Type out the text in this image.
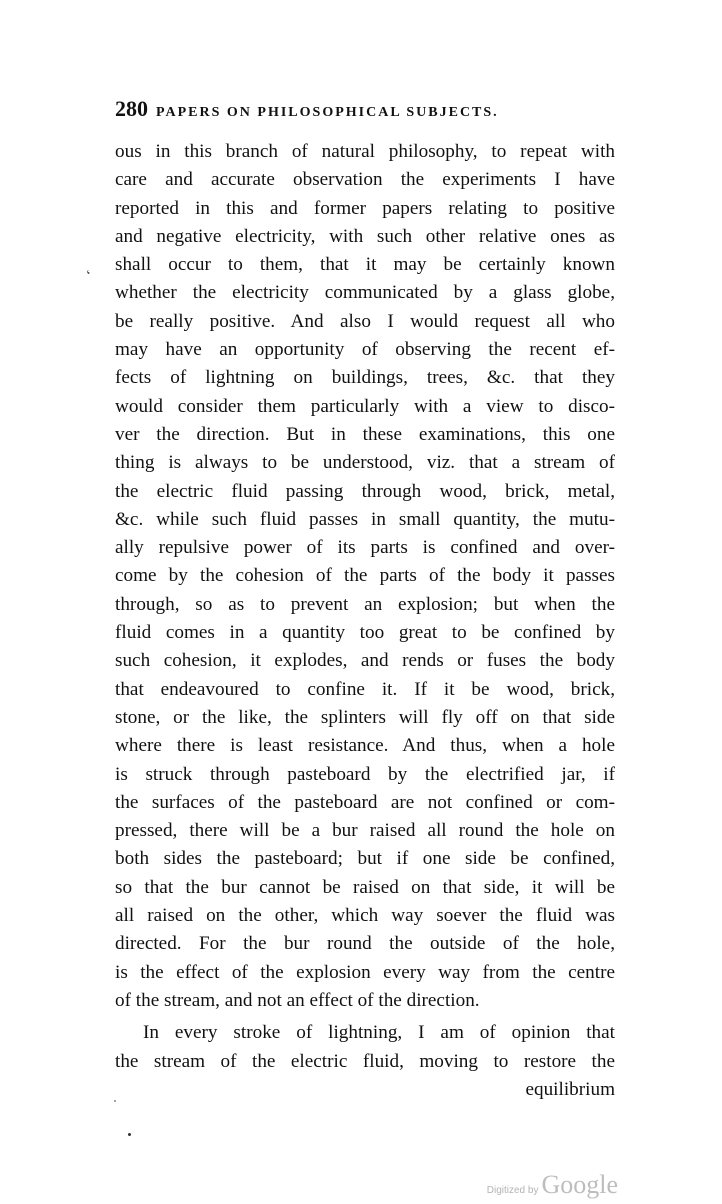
280 PAPERS ON PHILOSOPHICAL SUBJECTS.
‘
ous in this branch of natural philosophy, to repeat with
care and accurate observation the experiments I have
reported in this and former papers relating to positive
and negative electricity, with such other relative ones as
shall occur to them, that it may be certainly known
whether the electricity communicated by a glass globe,
be really positive. And also I would request all who
may have an opportunity of observing the recent ef-
fects of lightning on buildings, trees, &c. that they
would consider them particularly with a view to disco-
ver the direction. But in these examinations, this one
thing is always to be understood, viz. that a stream of
the electric fluid passing through wood, brick, metal,
&c. while such fluid passes in small quantity, the mutu-
ally repulsive power of its parts is confined and over-
come by the cohesion of the parts of the body it passes
through, so as to prevent an explosion; but when the
fluid comes in a quantity too great to be confined by
such cohesion, it explodes, and rends or fuses the body
that endeavoured to confine it. If it be wood, brick,
stone, or the like, the splinters will fly off on that side
where there is least resistance. And thus, when a hole
is struck through pasteboard by the electrified jar, if
the surfaces of the pasteboard are not confined or com-
pressed, there will be a bur raised all round the hole on
both sides the pasteboard; but if one side be confined,
so that the bur cannot be raised on that side, it will be
all raised on the other, which way soever the fluid was
directed. For the bur round the outside of the hole,
is the effect of the explosion every way from the centre
of the stream, and not an effect of the direction.
In every stroke of lightning, I am of opinion that
the stream of the electric fluid, moving to restore the
equilibrium
Digitized by Google
